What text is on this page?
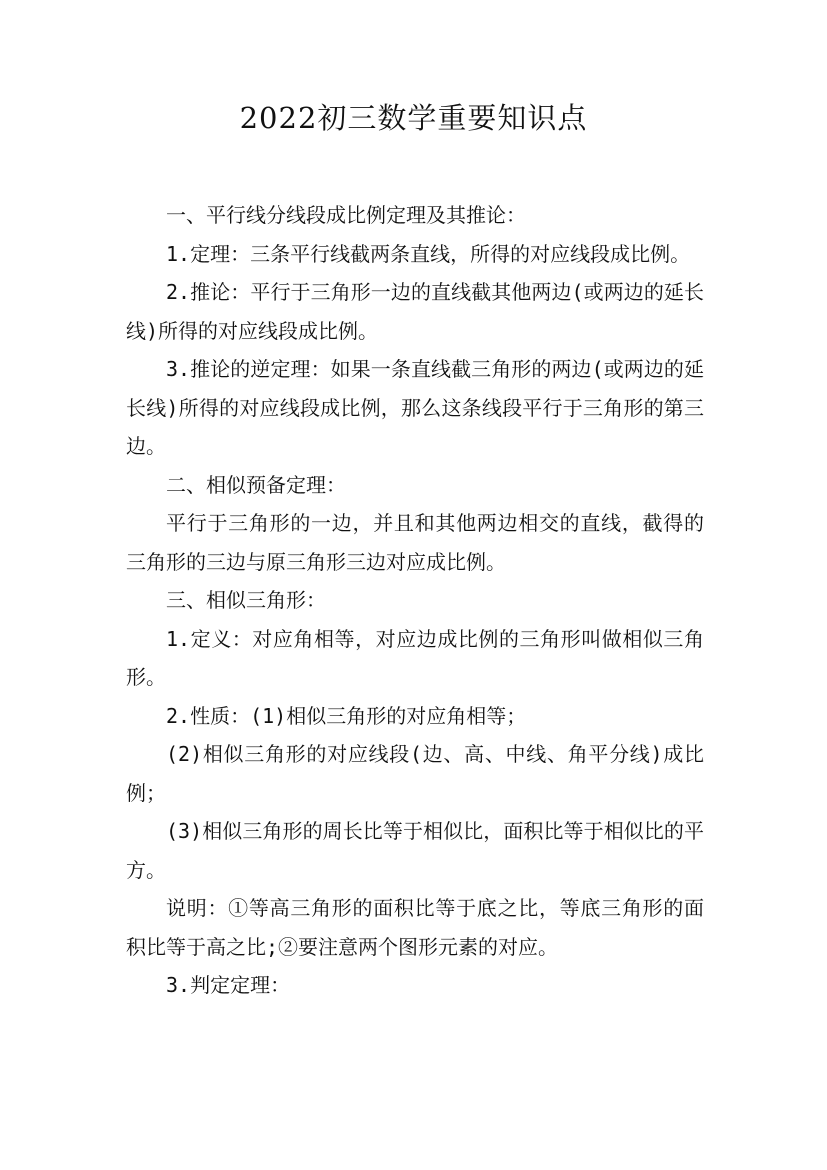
2022初三数学重要知识点

一、平行线分线段成比例定理及其推论：

1.定理：三条平行线截两条直线，所得的对应线段成比例。

2.推论：平行于三角形一边的直线截其他两边(或两边的延长线)所得的对应线段成比例。

3.推论的逆定理：如果一条直线截三角形的两边(或两边的延长线)所得的对应线段成比例，那么这条线段平行于三角形的第三边。

二、相似预备定理：

平行于三角形的一边，并且和其他两边相交的直线，截得的三角形的三边与原三角形三边对应成比例。

三、相似三角形：

1.定义：对应角相等，对应边成比例的三角形叫做相似三角形。

2.性质：(1)相似三角形的对应角相等；

(2)相似三角形的对应线段(边、高、中线、角平分线)成比例；

(3)相似三角形的周长比等于相似比，面积比等于相似比的平方。

说明：①等高三角形的面积比等于底之比，等底三角形的面积比等于高之比;②要注意两个图形元素的对应。

3.判定定理：
